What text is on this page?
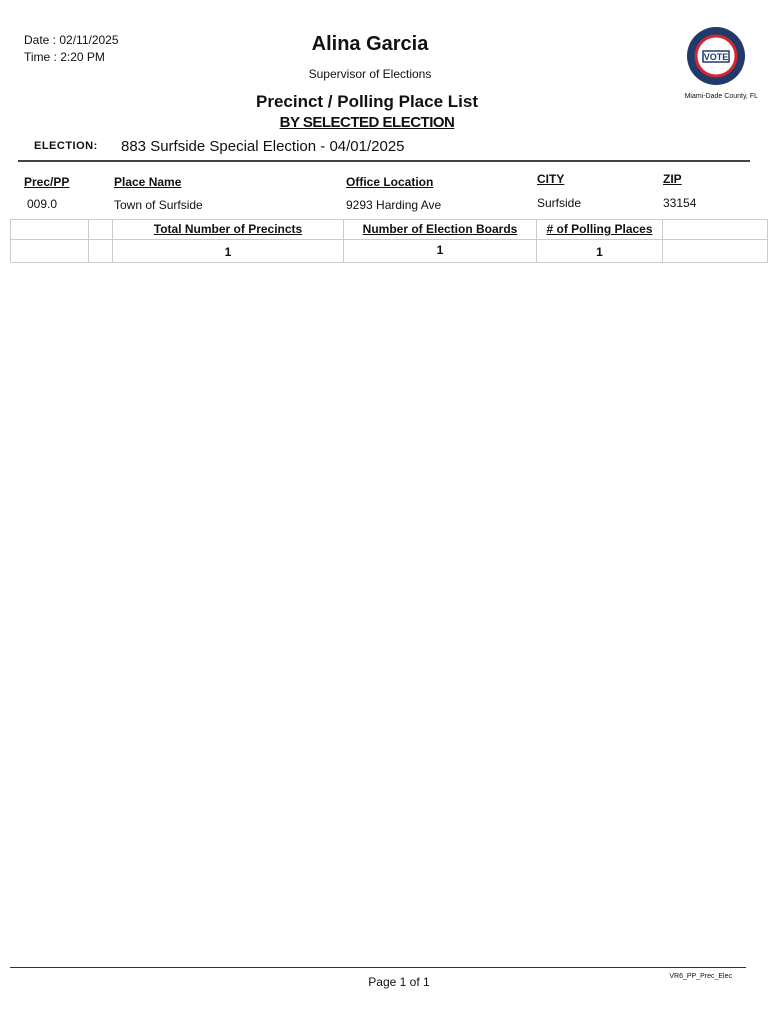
Date : 02/11/2025
Time : 2:20 PM
Alina Garcia
Supervisor of Elections
VOTE
Miami-Dade County, FL
Precinct / Polling Place List
BY SELECTED ELECTION
ELECTION: 883 Surfside Special Election - 04/01/2025
Prec/PP	Place Name	Office Location	CITY	ZIP
009.0	Town of Surfside	9293 Harding Ave	Surfside	33154
Total Number of Precincts	Number of Election Boards	# of Polling Places
1	1	1
Page 1 of 1	VR6_PP_Prec_Elec
